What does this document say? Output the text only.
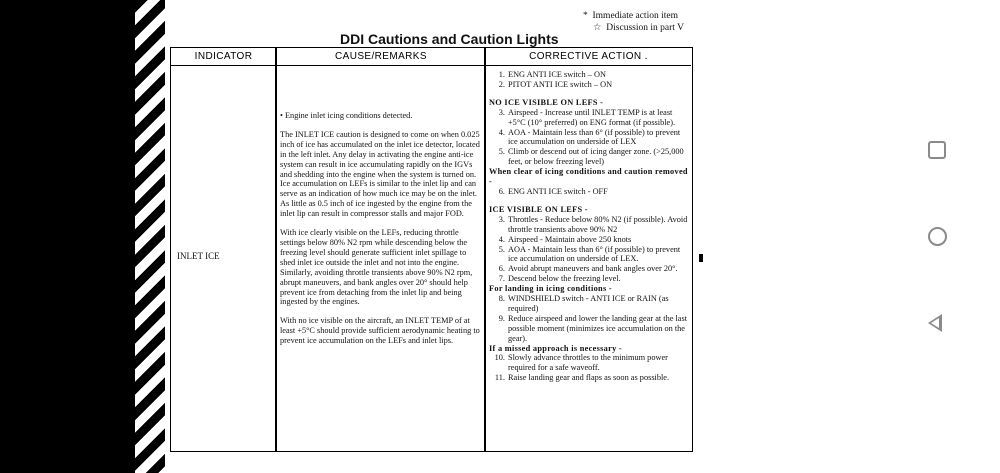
* Immediate action item
☆ Discussion in part V
DDI Cautions and Caution Lights
INDICATOR	CAUSE/REMARKS	CORRECTIVE ACTION .
INLET ICE

• Engine inlet icing conditions detected.

The INLET ICE caution is designed to come on when 0.025 inch of ice has accumulated on the inlet ice detector, located in the left inlet. Any delay in activating the engine anti-ice system can result in ice accumulating rapidly on the IGVs and shedding into the engine when the system is turned on. Ice accumulation on LEFs is similar to the inlet lip and can serve as an indication of how much ice may be on the inlet. As little as 0.5 inch of ice ingested by the engine from the inlet lip can result in compressor stalls and major FOD.

With ice clearly visible on the LEFs, reducing throttle settings below 80% N2 rpm while descending below the freezing level should generate sufficient inlet spillage to shed inlet ice outside the inlet and not into the engine. Similarly, avoiding throttle transients above 90% N2 rpm, abrupt maneuvers, and bank angles over 20° should help prevent ice from detaching from the inlet lip and being ingested by the engines.

With no ice visible on the aircraft, an INLET TEMP of at least +5°C should provide sufficient aerodynamic heating to prevent ice accumulation on the LEFs and inlet lips.

1. ENG ANTI ICE switch – ON
2. PITOT ANTI ICE switch – ON
NO ICE VISIBLE ON LEFS -
3. Airspeed - Increase until INLET TEMP is at least +5°C (10° preferred) on ENG format (if possible).
4. AOA - Maintain less than 6° (if possible) to prevent ice accumulation on underside of LEX
5. Climb or descend out of icing danger zone. (>25,000 feet, or below freezing level)
When clear of icing conditions and caution removed -
6. ENG ANTI ICE switch - OFF
ICE VISIBLE ON LEFS -
3. Throttles - Reduce below 80% N2 (if possible). Avoid throttle transients above 90% N2
4. Airspeed - Maintain above 250 knots
5. AOA - Maintain less than 6° (if possible) to prevent ice accumulation on underside of LEX.
6. Avoid abrupt maneuvers and bank angles over 20°.
7. Descend below the freezing level.
For landing in icing conditions -
8. WINDSHIELD switch - ANTI ICE or RAIN (as required)
9. Reduce airspeed and lower the landing gear at the last possible moment (minimizes ice accumulation on the gear).
If a missed approach is necessary -
10. Slowly advance throttles to the minimum power required for a safe waveoff.
11. Raise landing gear and flaps as soon as possible.
